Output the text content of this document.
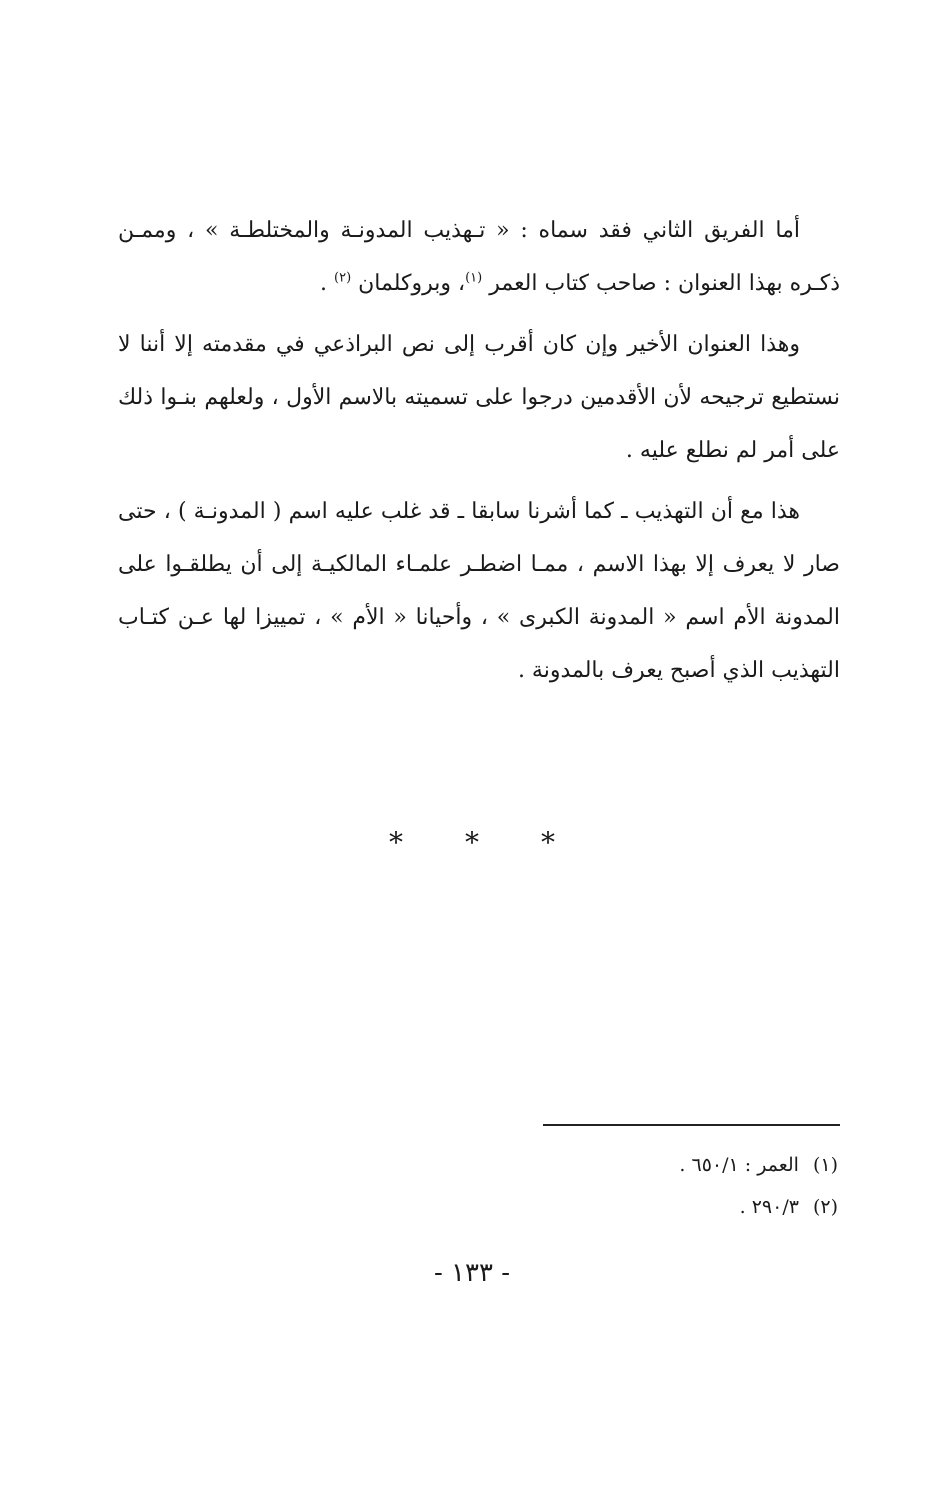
أما الفريق الثاني فقد سماه : « تـهذيب المدونـة والمختلطـة » ، وممـن ذكـره بهذا العنوان : صاحب كتاب العمر $^{(١)}$، وبروكلمان $^{(٢)}$ .

وهذا العنوان الأخير وإن كان أقرب إلى نص البراذعي في مقدمته إلا أننا لا نستطيع ترجيحه لأن الأقدمين درجوا على تسميته بالاسم الأول ، ولعلهم بنـوا ذلك على أمر لم نطلع عليه .

هذا مع أن التهذيب ـ كما أشرنا سابقا ـ قد غلب عليه اسم ( المدونـة ) ، حتى صار لا يعرف إلا بهذا الاسم ، ممـا اضطـر علمـاء المالكيـة إلى أن يطلقـوا على المدونة الأم اسم « المدونة الكبرى » ، وأحيانا « الأم » ، تمييزا لها عـن كتـاب التهذيب الذي أصبح يعرف بالمدونة .

* * *

(١)العمر : ٦٥٠/١ .

(٢)٢٩٠/٣ .

- ١٣٣ -
